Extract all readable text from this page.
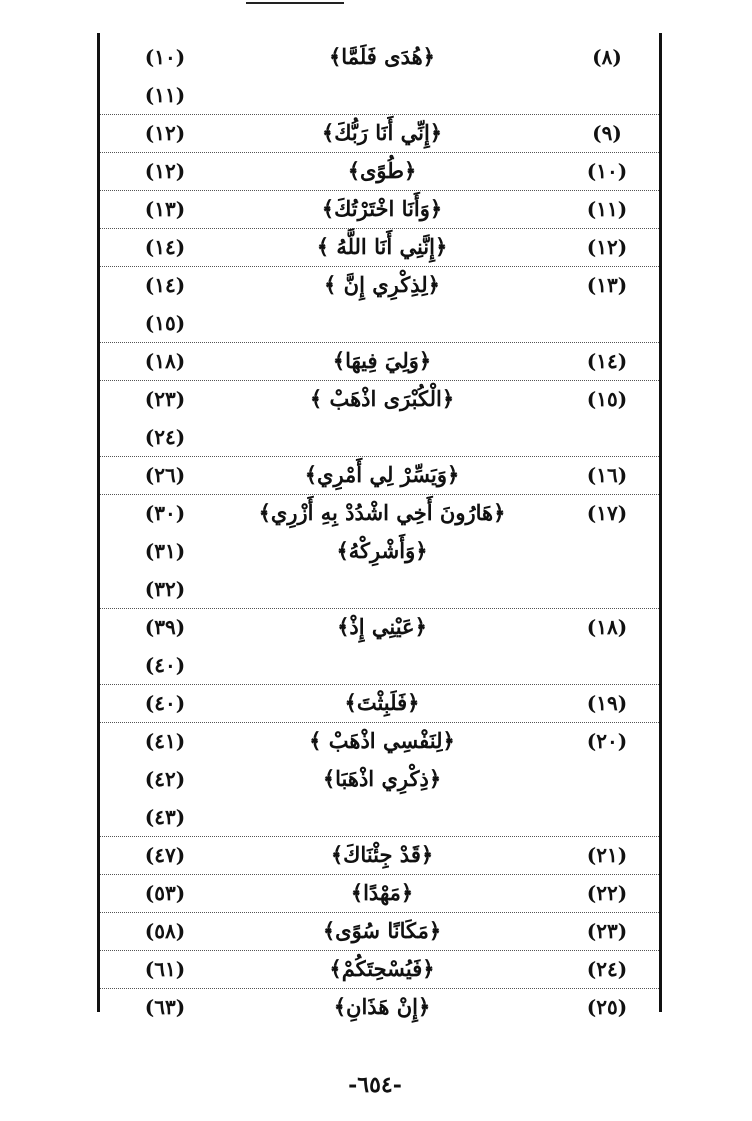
(١٠)	﴿هُدَى فَلَمَّا﴾	(٨)
(١١)
(١٢)	﴿إِنِّي أَنَا رَبُّكَ﴾	(٩)
(١٢)	﴿طُوًى﴾	(١٠)
(١٣)	﴿وَأَنَا اخْتَرْتُكَ﴾	(١١)
(١٤)	﴿إِنَّنِي أَنَا اللَّهُ ﴾	(١٢)
(١٤)	﴿لِذِكْرِي إِنَّ ﴾	(١٣)
(١٥)
(١٨)	﴿وَلِيَ فِيهَا﴾	(١٤)
(٢٣)	﴿الْكُبْرَى اذْهَبْ ﴾	(١٥)
(٢٤)
(٢٦)	﴿وَيَسِّرْ لِي أَمْرِي﴾	(١٦)
(٣٠)	﴿هَارُونَ أَخِي اشْدُدْ بِهِ أَزْرِي﴾	(١٧)
(٣١)	﴿وَأَشْرِكْهُ﴾
(٣٢)
(٣٩)	﴿عَيْنِي إِذْ﴾	(١٨)
(٤٠)
(٤٠)	﴿فَلَبِثْتَ﴾	(١٩)
(٤١)	﴿لِنَفْسِي اذْهَبْ ﴾	(٢٠)
(٤٢)	﴿ذِكْرِي اذْهَبَا﴾
(٤٣)
(٤٧)	﴿قَدْ جِئْنَاكَ﴾	(٢١)
(٥٣)	﴿مَهْدًا﴾	(٢٢)
(٥٨)	﴿مَكَانًا سُوًى﴾	(٢٣)
(٦١)	﴿فَيُسْحِتَكُمْ﴾	(٢٤)
(٦٣)	﴿إِنْ هَذَانِ﴾	(٢٥)
-٦٥٤-
